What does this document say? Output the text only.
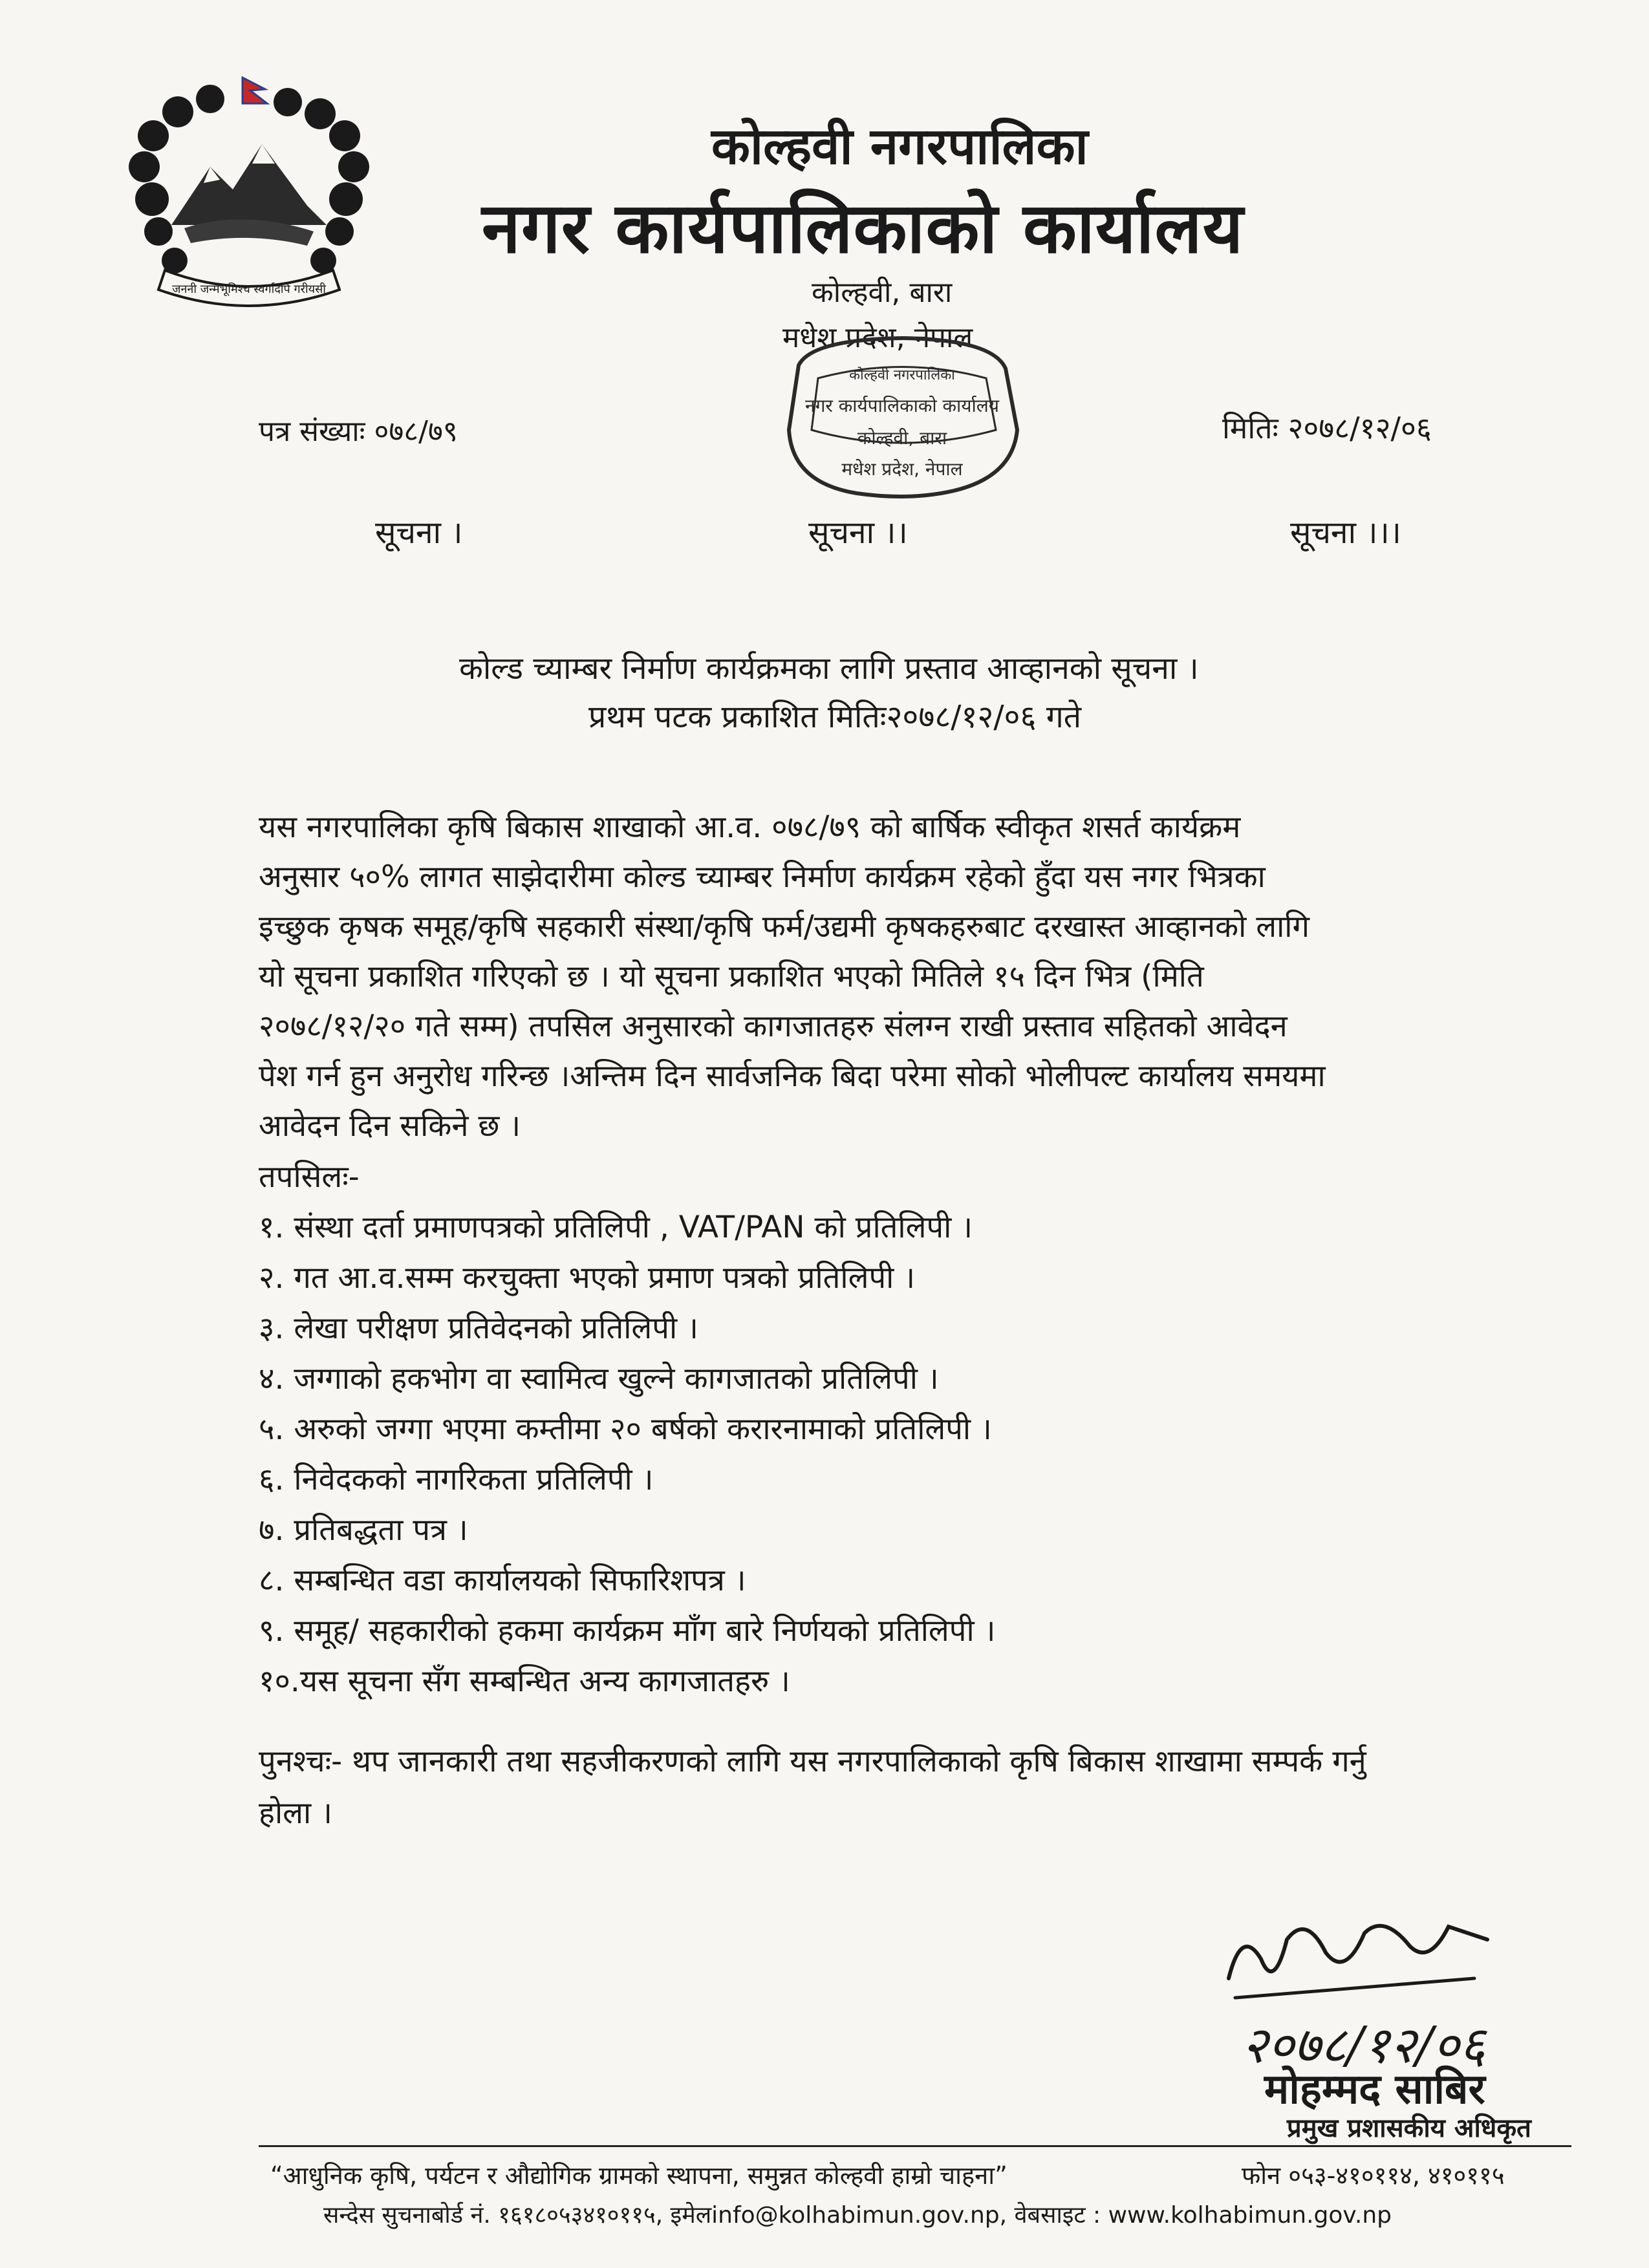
जननी जन्मभूमिश्च स्वर्गादपि गरीयसी
कोल्हवी नगरपालिका
नगर कार्यपालिकाको कार्यालय
कोल्हवी, बारा
मधेश प्रदेश, नेपाल
कोल्हवी नगरपालिका
नगर कार्यपालिकाको कार्यालय
कोल्हवी, बारा
मधेश प्रदेश, नेपाल
पत्र संख्याः ०७८/७९	मितिः २०७८/१२/०६
सूचना ।	सूचना ।।	सूचना ।।।
कोल्ड च्याम्बर निर्माण कार्यक्रमका लागि प्रस्ताव आव्हानको सूचना ।
प्रथम पटक प्रकाशित मितिः२०७८/१२/०६ गते
यस नगरपालिका कृषि बिकास शाखाको आ.व. ०७८/७९ को बार्षिक स्वीकृत शसर्त कार्यक्रम
अनुसार ५०% लागत साझेदारीमा कोल्ड च्याम्बर निर्माण कार्यक्रम रहेको हुँदा यस नगर भित्रका
इच्छुक कृषक समूह/कृषि सहकारी संस्था/कृषि फर्म/उद्यमी कृषकहरुबाट दरखास्त आव्हानको लागि
यो सूचना प्रकाशित गरिएको छ । यो सूचना प्रकाशित भएको मितिले १५ दिन भित्र (मिति
२०७८/१२/२० गते सम्म) तपसिल अनुसारको कागजातहरु संलग्न राखी प्रस्ताव सहितको आवेदन
पेश गर्न हुन अनुरोध गरिन्छ ।अन्तिम दिन सार्वजनिक बिदा परेमा सोको भोलीपल्ट कार्यालय समयमा
आवेदन दिन सकिने छ ।
तपसिलः-
१. संस्था दर्ता प्रमाणपत्रको प्रतिलिपी , VAT/PAN को प्रतिलिपी ।
२. गत आ.व.सम्म करचुक्ता भएको प्रमाण पत्रको प्रतिलिपी ।
३. लेखा परीक्षण प्रतिवेदनको प्रतिलिपी ।
४. जग्गाको हकभोग वा स्वामित्व खुल्ने कागजातको प्रतिलिपी ।
५. अरुको जग्गा भएमा कम्तीमा २० बर्षको करारनामाको प्रतिलिपी ।
६. निवेदकको नागरिकता प्रतिलिपी ।
७. प्रतिबद्धता पत्र ।
८. सम्बन्धित वडा कार्यालयको सिफारिशपत्र ।
९. समूह/ सहकारीको हकमा कार्यक्रम माँग बारे निर्णयको प्रतिलिपी ।
१०.यस सूचना सँग सम्बन्धित अन्य कागजातहरु ।
पुनश्चः- थप जानकारी तथा सहजीकरणको लागि यस नगरपालिकाको कृषि बिकास शाखामा सम्पर्क गर्नु
होला ।
२०७८/१२/०६
मोहम्मद साबिर
प्रमुख प्रशासकीय अधिकृत
“आधुनिक कृषि, पर्यटन र औद्योगिक ग्रामको स्थापना, समुन्नत कोल्हवी हाम्रो चाहना”	फोन ०५३-४१०११४, ४१०११५
सन्देस सुचनाबोर्ड नं. १६१८०५३४१०११५, इमेलinfo@kolhabimun.gov.np, वेबसाइट : www.kolhabimun.gov.np
